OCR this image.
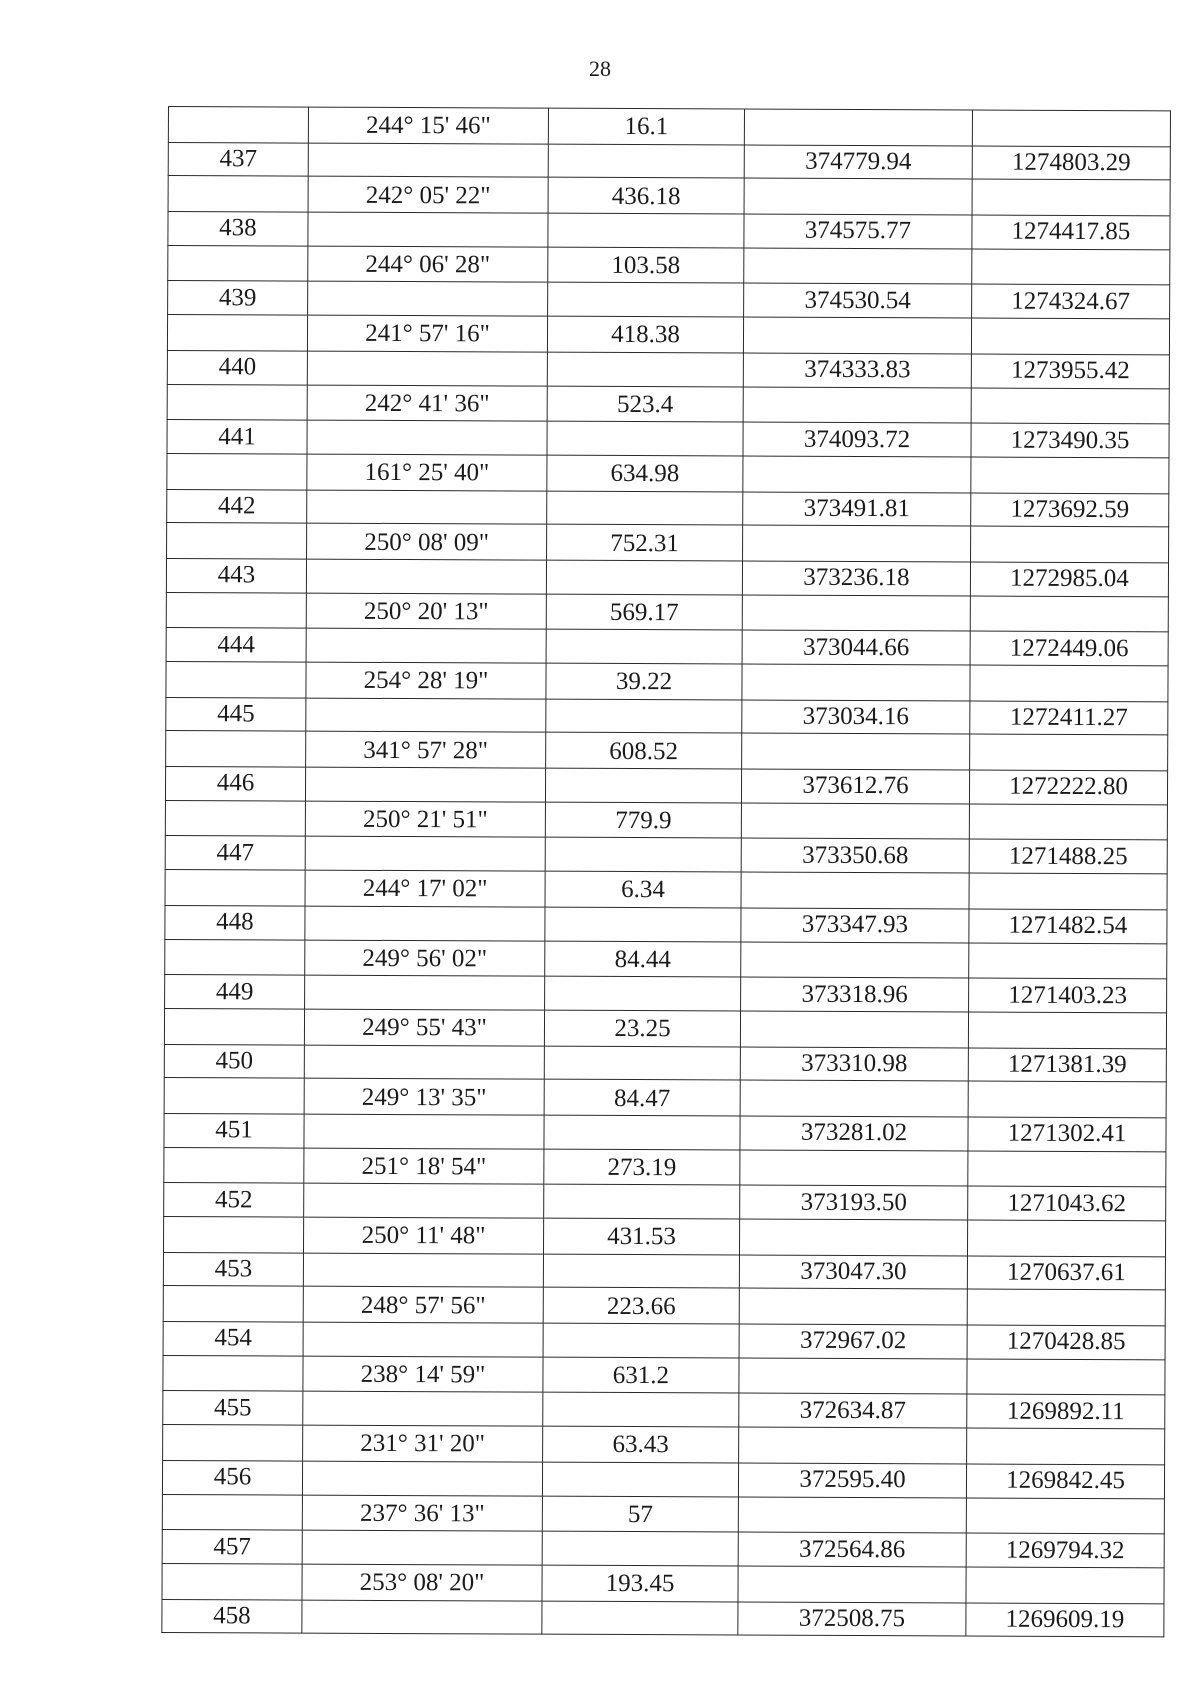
28
	244° 15' 46"	16.1		
437			374779.94	1274803.29
	242° 05' 22"	436.18		
438			374575.77	1274417.85
	244° 06' 28"	103.58		
439			374530.54	1274324.67
	241° 57' 16"	418.38		
440			374333.83	1273955.42
	242° 41' 36"	523.4		
441			374093.72	1273490.35
	161° 25' 40"	634.98		
442			373491.81	1273692.59
	250° 08' 09"	752.31		
443			373236.18	1272985.04
	250° 20' 13"	569.17		
444			373044.66	1272449.06
	254° 28' 19"	39.22		
445			373034.16	1272411.27
	341° 57' 28"	608.52		
446			373612.76	1272222.80
	250° 21' 51"	779.9		
447			373350.68	1271488.25
	244° 17' 02"	6.34		
448			373347.93	1271482.54
	249° 56' 02"	84.44		
449			373318.96	1271403.23
	249° 55' 43"	23.25		
450			373310.98	1271381.39
	249° 13' 35"	84.47		
451			373281.02	1271302.41
	251° 18' 54"	273.19		
452			373193.50	1271043.62
	250° 11' 48"	431.53		
453			373047.30	1270637.61
	248° 57' 56"	223.66		
454			372967.02	1270428.85
	238° 14' 59"	631.2		
455			372634.87	1269892.11
	231° 31' 20"	63.43		
456			372595.40	1269842.45
	237° 36' 13"	57		
457			372564.86	1269794.32
	253° 08' 20"	193.45		
458			372508.75	1269609.19
